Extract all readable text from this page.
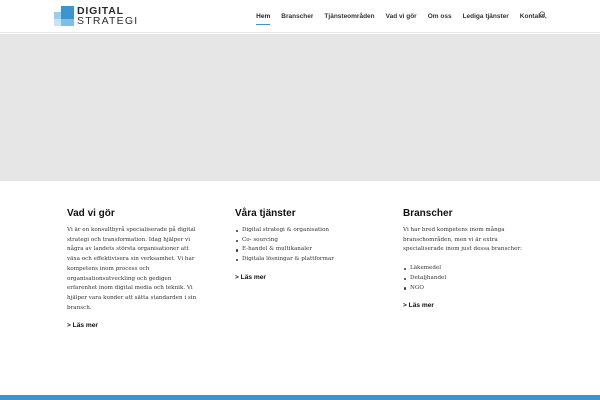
DIGITAL
STRATEGI	Hem Branscher Tjänsteområden Vad vi gör Om oss Lediga tjänster Kontakt
Vad vi gör

Vi är en konsultbyrå specialiserade på digital strategi och transformation. Idag hjälper vi några av landets största organisationer att växa och effektivisera sin verksamhet. Vi har kompetens inom process och organisationsutveckling och gedigen erfarenhet inom digital media och teknik. Vi hjälper vara kunder att sätta standarden i sin bransch.

> Läs mer
Våra tjänster
Digital strategi & organisation
Co- sourcing
E-handel & multikanaler
Digitala lösningar & plattformar
> Läs mer
Branscher

Vi har bred kompetens inom många branschområden, men vi är extra specialiserade inom just dessa branscher:

Läkemedel
Detaljhandel
NGO
> Läs mer
